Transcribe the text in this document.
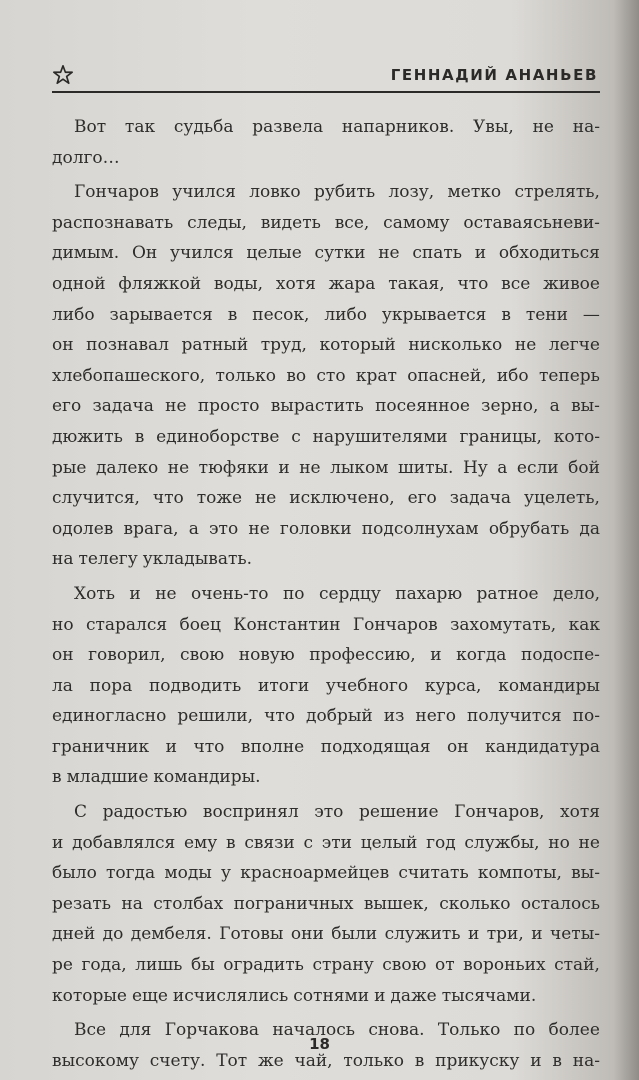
ГЕННАДИЙ АНАНЬЕВ
Вот так судьба развела напарников. Увы, не на-
долго…
Гончаров учился ловко рубить лозу, метко стрелять,
распознавать следы, видеть все, самому оставаясьневи-
димым. Он учился целые сутки не спать и обходиться
одной фляжкой воды, хотя жара такая, что все живое
либо зарывается в песок, либо укрывается в тени —
он познавал ратный труд, который нисколько не легче
хлебопашеского, только во сто крат опасней, ибо теперь
его задача не просто вырастить посеянное зерно, а вы-
дюжить в единоборстве с нарушителями границы, кото-
рые далеко не тюфяки и не лыком шиты. Ну а если бой
случится, что тоже не исключено, его задача уцелеть,
одолев врага, а это не головки подсолнухам обрубать да
на телегу укладывать.
Хоть и не очень-то по сердцу пахарю ратное дело,
но старался боец Константин Гончаров захомутать, как
он говорил, свою новую профессию, и когда подоспе-
ла пора подводить итоги учебного курса, командиры
единогласно решили, что добрый из него получится по-
граничник и что вполне подходящая он кандидатура
в младшие командиры.
С радостью воспринял это решение Гончаров, хотя
и добавлялся ему в связи с эти целый год службы, но не
было тогда моды у красноармейцев считать компоты, вы-
резать на столбах пограничных вышек, сколько осталось
дней до дембеля. Готовы они были служить и три, и четы-
ре года, лишь бы оградить страну свою от вороньих стай,
которые еще исчислялись сотнями и даже тысячами.
Все для Горчакова началось снова. Только по более
высокому счету. Тот же чай, только в прикуску и в на-
18
